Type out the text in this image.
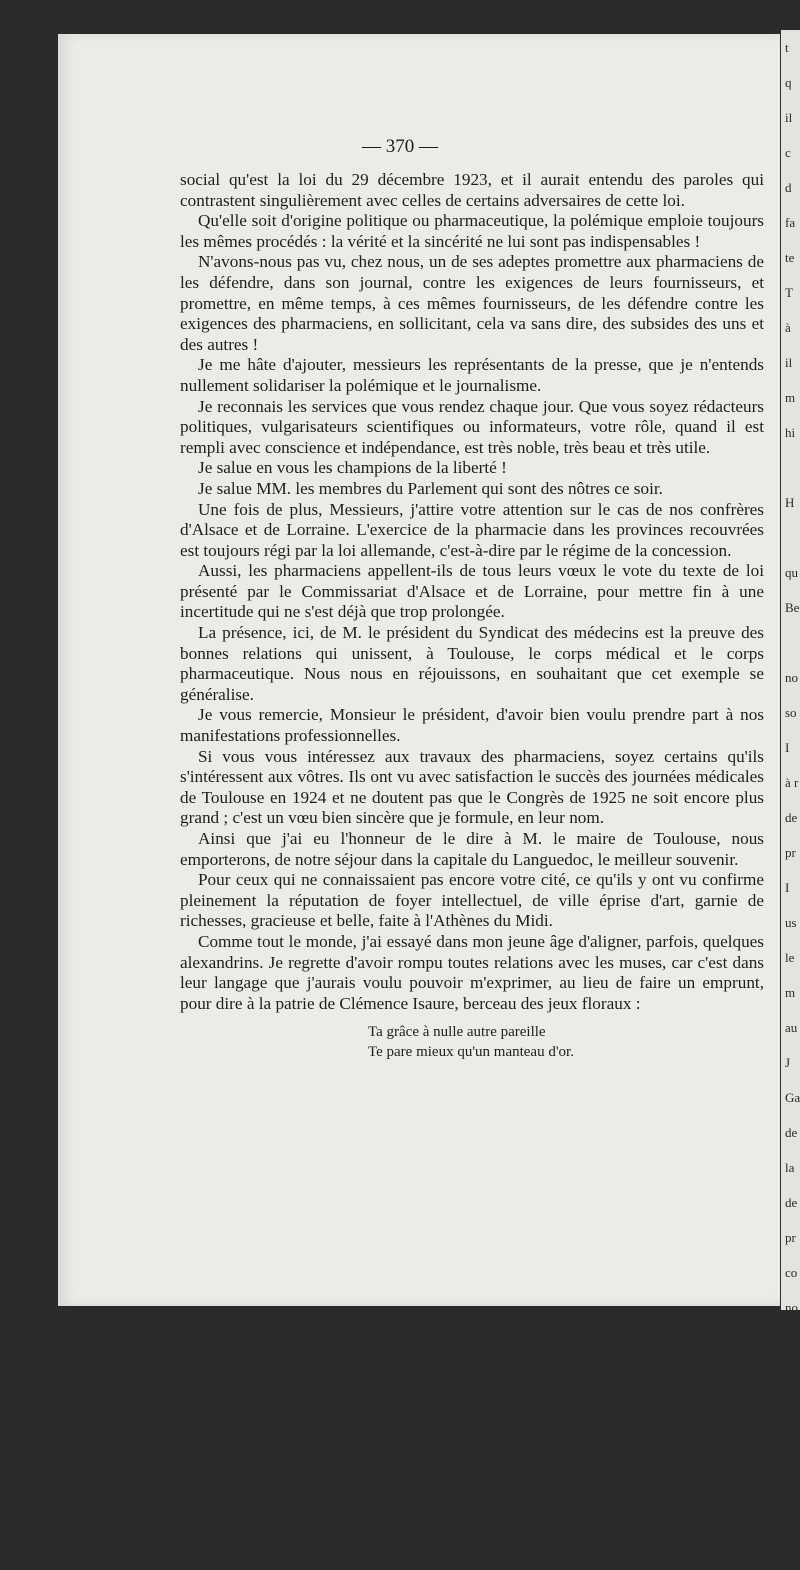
t
q
il
c
d
fa
te
T
à
il
m
hi
H
qu
Be
no
so
I
à r
de
pr
I
us
le
m
au
J
Ga
de
la
de
pr
co
no
ce
do
no
pu
tie
soi
— 370 —

social qu'est la loi du 29 décembre 1923, et il aurait entendu des paroles qui contrastent singulièrement avec celles de certains adversaires de cette loi.

Qu'elle soit d'origine politique ou pharmaceutique, la polémique emploie toujours les mêmes procédés : la vérité et la sincérité ne lui sont pas indispensables !

N'avons-nous pas vu, chez nous, un de ses adeptes promettre aux pharmaciens de les défendre, dans son journal, contre les exigences de leurs fournisseurs, et promettre, en même temps, à ces mêmes fournisseurs, de les défendre contre les exigences des pharmaciens, en sollicitant, cela va sans dire, des subsides des uns et des autres !

Je me hâte d'ajouter, messieurs les représentants de la presse, que je n'entends nullement solidariser la polémique et le journalisme.

Je reconnais les services que vous rendez chaque jour. Que vous soyez rédacteurs politiques, vulgarisateurs scientifiques ou informateurs, votre rôle, quand il est rempli avec conscience et indépendance, est très noble, très beau et très utile.

Je salue en vous les champions de la liberté !

Je salue MM. les membres du Parlement qui sont des nôtres ce soir.

Une fois de plus, Messieurs, j'attire votre attention sur le cas de nos confrères d'Alsace et de Lorraine. L'exercice de la pharmacie dans les provinces recouvrées est toujours régi par la loi allemande, c'est-à-dire par le régime de la concession.

Aussi, les pharmaciens appellent-ils de tous leurs vœux le vote du texte de loi présenté par le Commissariat d'Alsace et de Lorraine, pour mettre fin à une incertitude qui ne s'est déjà que trop prolongée.

La présence, ici, de M. le président du Syndicat des médecins est la preuve des bonnes relations qui unissent, à Toulouse, le corps médical et le corps pharmaceutique. Nous nous en réjouissons, en souhaitant que cet exemple se généralise.

Je vous remercie, Monsieur le président, d'avoir bien voulu prendre part à nos manifestations professionnelles.

Si vous vous intéressez aux travaux des pharmaciens, soyez certains qu'ils s'intéressent aux vôtres. Ils ont vu avec satisfaction le succès des journées médicales de Toulouse en 1924 et ne doutent pas que le Congrès de 1925 ne soit encore plus grand ; c'est un vœu bien sincère que je formule, en leur nom.

Ainsi que j'ai eu l'honneur de le dire à M. le maire de Toulouse, nous emporterons, de notre séjour dans la capitale du Languedoc, le meilleur souvenir.

Pour ceux qui ne connaissaient pas encore votre cité, ce qu'ils y ont vu confirme pleinement la réputation de foyer intellectuel, de ville éprise d'art, garnie de richesses, gracieuse et belle, faite à l'Athènes du Midi.

Comme tout le monde, j'ai essayé dans mon jeune âge d'aligner, parfois, quelques alexandrins. Je regrette d'avoir rompu toutes relations avec les muses, car c'est dans leur langage que j'aurais voulu pouvoir m'exprimer, au lieu de faire un emprunt, pour dire à la patrie de Clémence Isaure, berceau des jeux floraux :

Ta grâce à nulle autre pareille
Te pare mieux qu'un manteau d'or.
